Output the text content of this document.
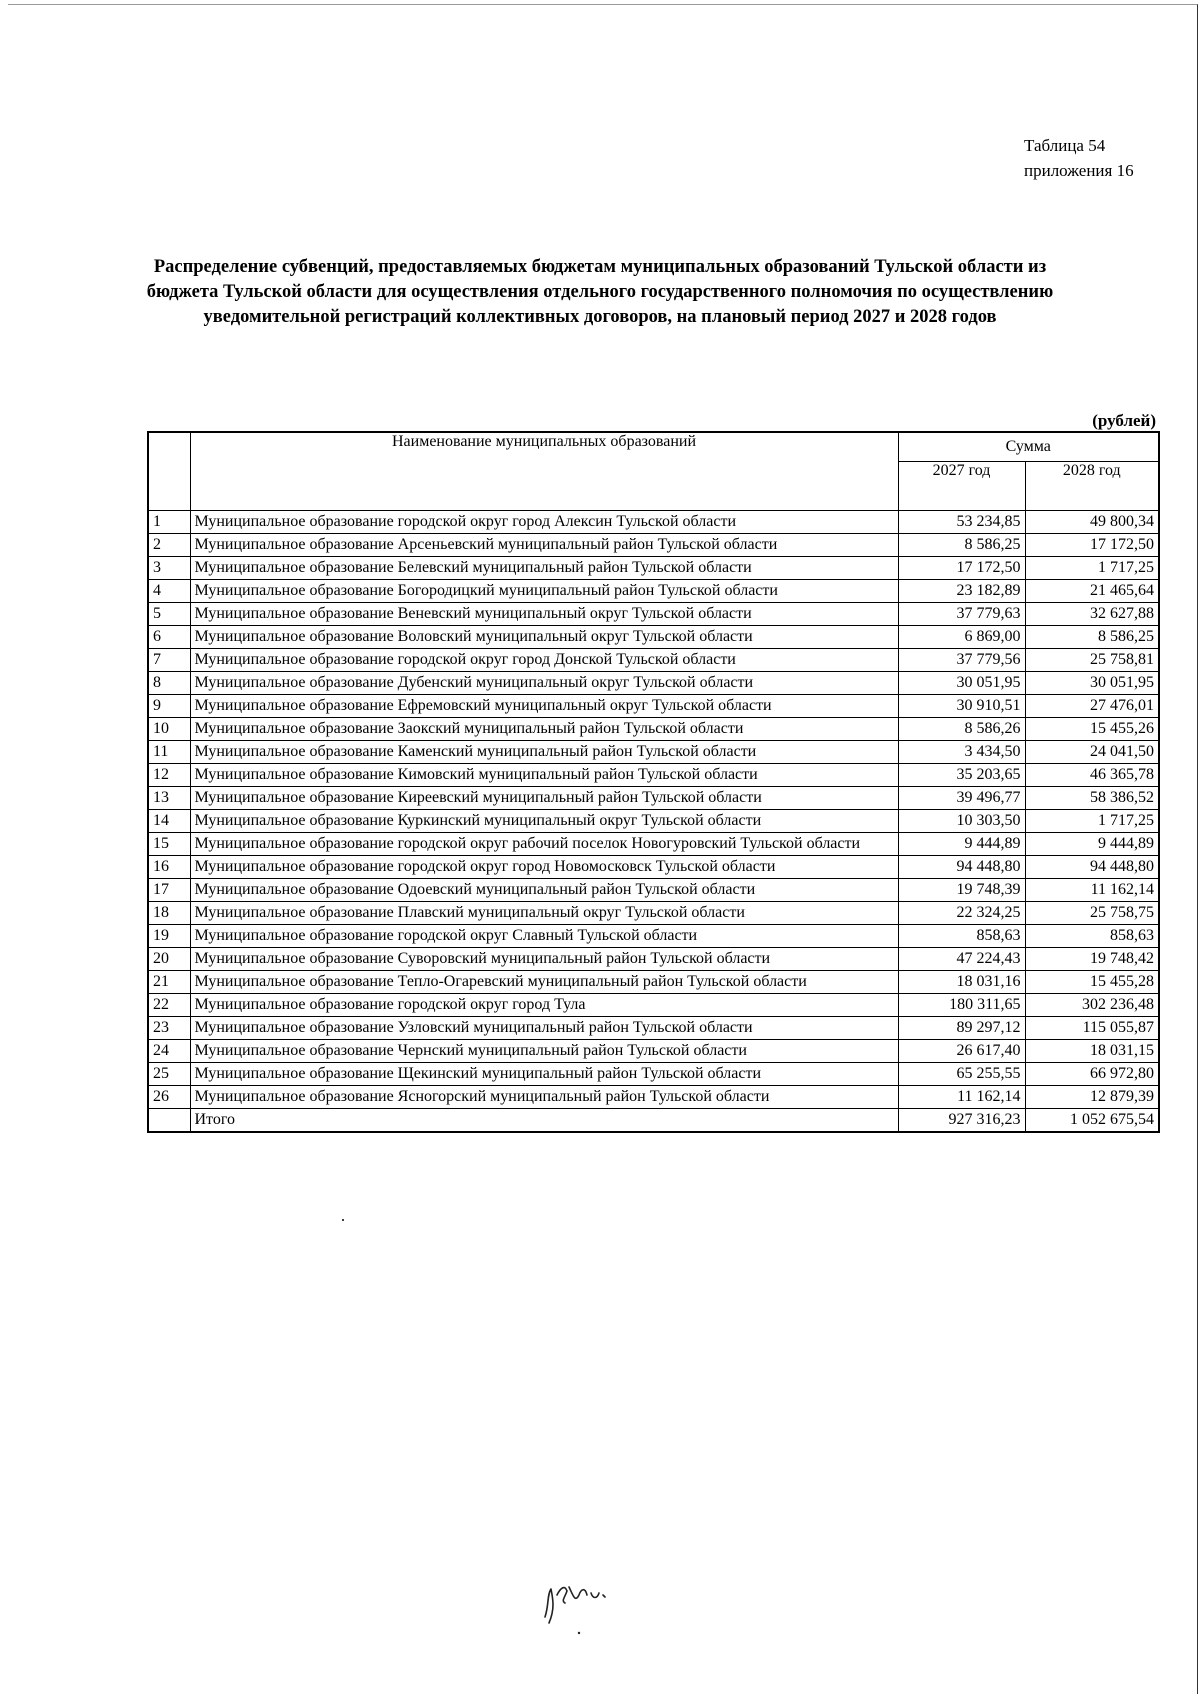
Таблица 54
приложения 16
Распределение субвенций, предоставляемых бюджетам муниципальных образований Тульской области из бюджета Тульской области для осуществления отдельного государственного полномочия по осуществлению уведомительной регистраций коллективных договоров, на плановый период 2027 и 2028 годов
(рублей)
	Наименование муниципальных образований	Сумма	
		2027 год	2028 год
1	Муниципальное образование городской округ город Алексин Тульской области	53 234,85	49 800,34
2	Муниципальное образование Арсеньевский муниципальный район Тульской области	8 586,25	17 172,50
3	Муниципальное образование Белевский муниципальный район Тульской области	17 172,50	1 717,25
4	Муниципальное образование Богородицкий муниципальный район Тульской области	23 182,89	21 465,64
5	Муниципальное образование Веневский муниципальный округ Тульской области	37 779,63	32 627,88
6	Муниципальное образование Воловский муниципальный округ Тульской области	6 869,00	8 586,25
7	Муниципальное образование городской округ город Донской Тульской области	37 779,56	25 758,81
8	Муниципальное образование Дубенский муниципальный округ Тульской области	30 051,95	30 051,95
9	Муниципальное образование Ефремовский муниципальный округ Тульской области	30 910,51	27 476,01
10	Муниципальное образование Заокский муниципальный район Тульской области	8 586,26	15 455,26
11	Муниципальное образование Каменский муниципальный район Тульской области	3 434,50	24 041,50
12	Муниципальное образование Кимовский муниципальный район Тульской области	35 203,65	46 365,78
13	Муниципальное образование Киреевский муниципальный район Тульской области	39 496,77	58 386,52
14	Муниципальное образование Куркинский муниципальный округ Тульской области	10 303,50	1 717,25
15	Муниципальное образование городской округ рабочий поселок Новогуровский Тульской области	9 444,89	9 444,89
16	Муниципальное образование городской округ город Новомосковск Тульской области	94 448,80	94 448,80
17	Муниципальное образование Одоевский муниципальный район Тульской области	19 748,39	11 162,14
18	Муниципальное образование Плавский муниципальный округ Тульской области	22 324,25	25 758,75
19	Муниципальное образование городской округ Славный Тульской области	858,63	858,63
20	Муниципальное образование Суворовский муниципальный район Тульской области	47 224,43	19 748,42
21	Муниципальное образование Тепло-Огаревский муниципальный район Тульской области	18 031,16	15 455,28
22	Муниципальное образование городской округ город Тула	180 311,65	302 236,48
23	Муниципальное образование Узловский муниципальный район Тульской области	89 297,12	115 055,87
24	Муниципальное образование Чернский муниципальный район Тульской области	26 617,40	18 031,15
25	Муниципальное образование Щекинский муниципальный район Тульской области	65 255,55	66 972,80
26	Муниципальное образование Ясногорский муниципальный район Тульской области	11 162,14	12 879,39
	Итого	927 316,23	1 052 675,54
